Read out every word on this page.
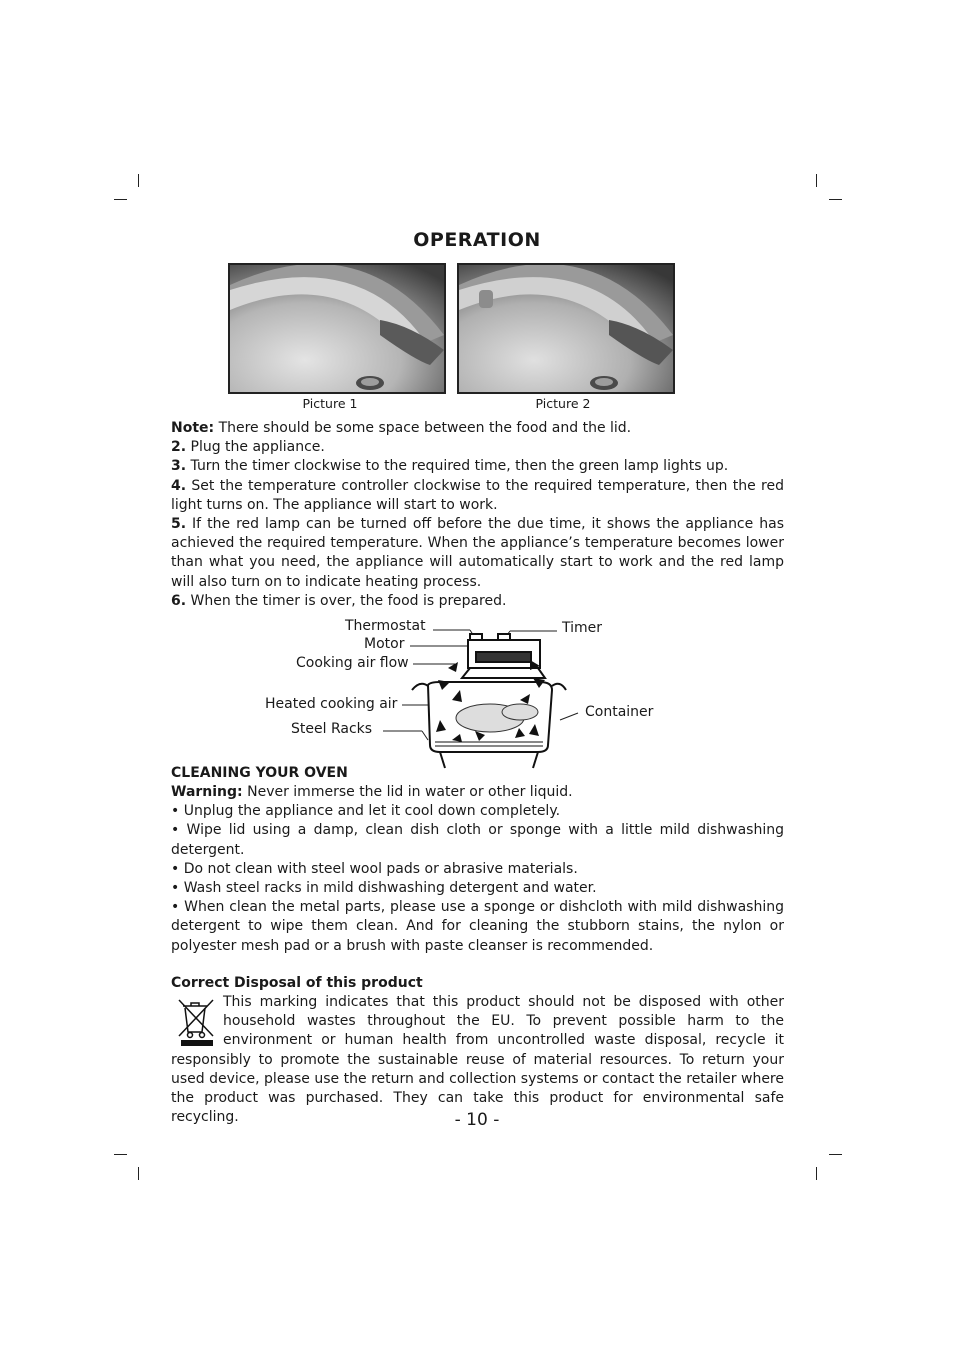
OPERATION
Picture 1	Picture 2

Note: There should be some space between the food and the lid.

2. Plug the appliance.

3. Turn the timer clockwise to the required time, then the green lamp lights up.

4. Set the temperature controller clockwise to the required temperature, then the red light turns on. The appliance will start to work.

5. If the red lamp can be turned off before the due time, it shows the appliance has achieved the required temperature. When the appliance’s temperature becomes lower than what you need, the appliance will automatically start to work and the red lamp will also turn on to indicate heating process.

6. When the timer is over, the food is prepared.

Thermostat
Motor
Cooking air flow
Heated cooking air
Steel Racks
Timer
Container
CLEANING YOUR OVEN

Warning: Never immerse the lid in water or other liquid.

• Unplug the appliance and let it cool down completely.

• Wipe lid using a damp, clean dish cloth or sponge with a little mild dishwashing detergent.

• Do not clean with steel wool pads or abrasive materials.

• Wash steel racks in mild dishwashing detergent and water.

• When clean the metal parts, please use a sponge or dishcloth with mild dishwashing detergent to wipe them clean. And for cleaning the stubborn stains, the nylon or polyester mesh pad or a brush with paste cleanser is recommended.

Correct Disposal of this product
This marking indicates that this product should not be disposed with other household wastes throughout the EU. To prevent possible harm to the environment or human health from uncontrolled waste disposal, recycle it responsibly to promote the sustainable reuse of material resources. To return your used device, please use the return and collection systems or contact the retailer where the product was purchased. They can take this product for environmental safe recycling.	- 10 -
